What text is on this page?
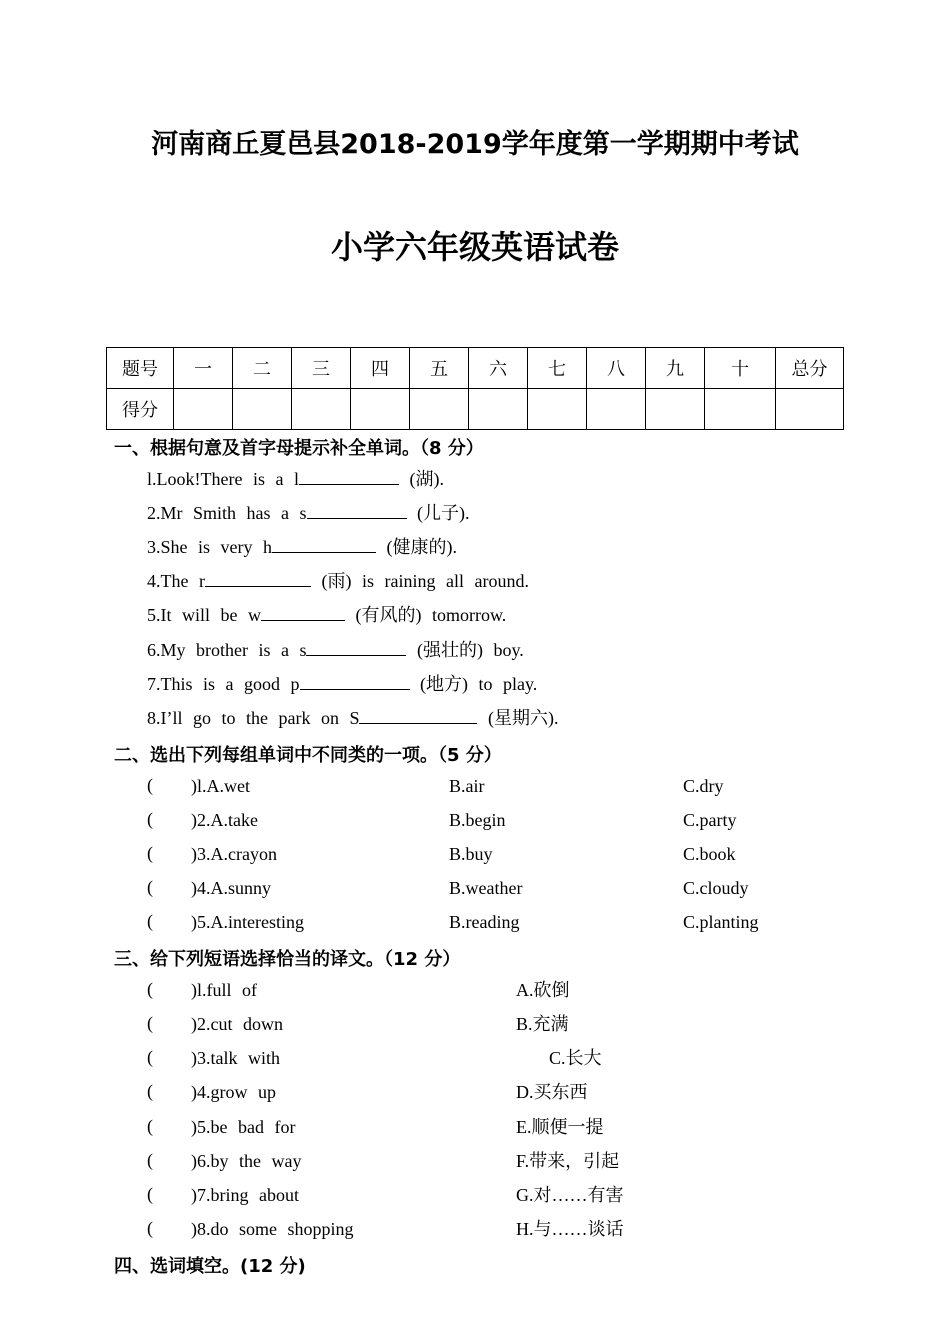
河南商丘夏邑县2018-2019学年度第一学期期中考试
小学六年级英语试卷
题号	一	二	三	四	五	六	七	八	九	十	总分
得分											
一、根据句意及首字母提示补全单词。（8 分）
l.Look!There is a l	(湖).
2.Mr Smith has a s	(儿子).
3.She is very h	(健康的).
4.The r	(雨) is raining all around.
5.It will be w	(有风的) tomorrow.
6.My brother is a s	(强壮的) boy.
7.This is a good p	(地方) to play.
8.I’ll go to the park on S	(星期六).
二、选出下列每组单词中不同类的一项。（5 分）
( )l.A.wet	B.air	C.dry
( )2.A.take	B.begin	C.party
( )3.A.crayon	B.buy	C.book
( )4.A.sunny	B.weather	C.cloudy
( )5.A.interesting	B.reading	C.planting
三、给下列短语选择恰当的译文。（12 分）
( )l.full of	A.砍倒
( )2.cut down	B.充满
( )3.talk with	C.长大
( )4.grow up	D.买东西
( )5.be bad for	E.顺便一提
( )6.by the way	F.带来，引起
( )7.bring about	G.对……有害
( )8.do some shopping	H.与……谈话
四、选词填空。(12 分)
